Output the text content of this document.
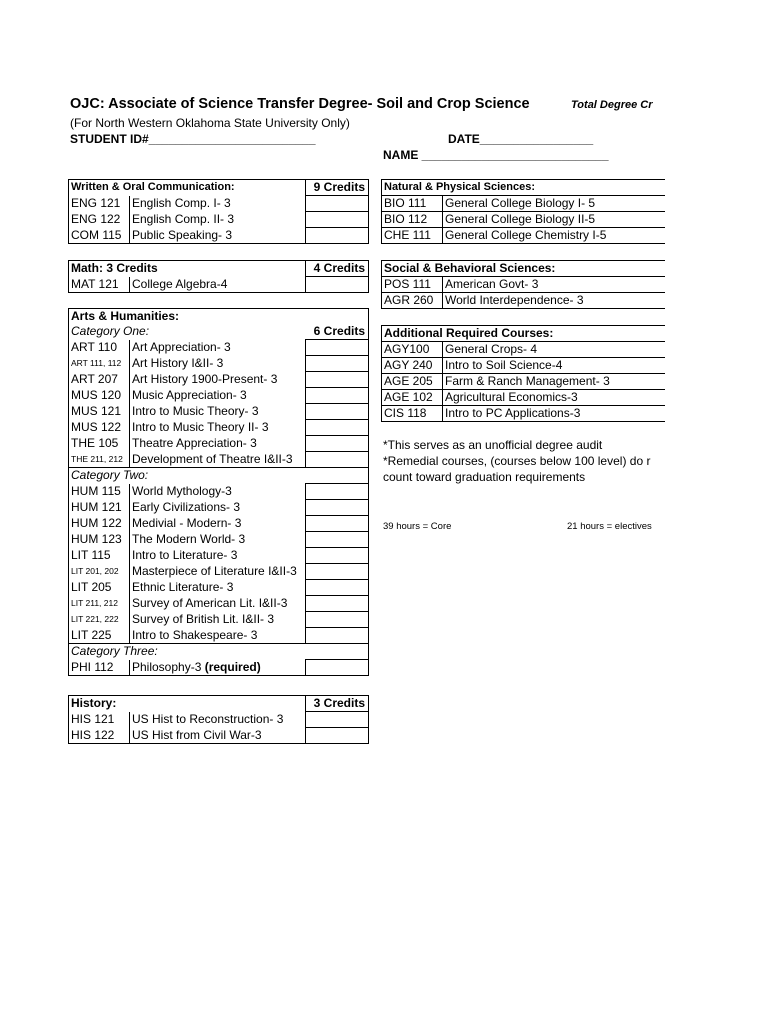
OJC: Associate of Science Transfer Degree- Soil and Crop Science	Total Degree Cr
(For North Western Oklahoma State University Only)
STUDENT ID#_________________________	DATE_________________
NAME ____________________________
Written & Oral Communication:		9 Credits
ENG 121	English Comp. I- 3	
ENG 122	English Comp. II- 3	
COM 115	Public Speaking- 3	
Math: 3 Credits		4 Credits
MAT 121	College Algebra-4	
Arts & Humanities:		
Category One:		6 Credits
ART 110	Art Appreciation- 3	
ART 111, 112	Art History I&II- 3	
ART 207	Art History 1900-Present- 3	
MUS 120	Music Appreciation- 3	
MUS 121	Intro to Music Theory- 3	
MUS 122	Intro to Music Theory II- 3	
THE 105	Theatre Appreciation- 3	
THE 211, 212	Development of Theatre I&II-3	
Category Two:		
HUM 115	World Mythology-3	
HUM 121	Early Civilizations- 3	
HUM 122	Medivial - Modern- 3	
HUM 123	The Modern World- 3	
LIT 115	Intro to Literature- 3	
LIT 201, 202	Masterpiece of Literature I&II-3	
LIT 205	Ethnic Literature- 3	
LIT 211, 212	Survey of American Lit. I&II-3	
LIT 221, 222	Survey of British Lit. I&II- 3	
LIT 225	Intro to Shakespeare- 3	
Category Three:		
PHI 112	Philosophy-3 (required)	
History:		3 Credits
HIS 121	US Hist to Reconstruction- 3	
HIS 122	US Hist from Civil War-3	
Natural & Physical Sciences:	
BIO 111	General College Biology I- 5
BIO 112	General College Biology II-5
CHE 111	General College Chemistry I-5
Social & Behavioral Sciences:	
POS 111	American Govt- 3
AGR 260	World Interdependence- 3
Additional Required Courses:	
AGY100	General Crops- 4
AGY 240	Intro to Soil Science-4
AGE 205	Farm & Ranch Management- 3
AGE 102	Agricultural Economics-3
CIS 118	Intro to PC Applications-3
*This serves as an unofficial degree audit
*Remedial courses, (courses below 100 level) do r
count toward graduation requirements
39 hours = Core	21 hours = electives
